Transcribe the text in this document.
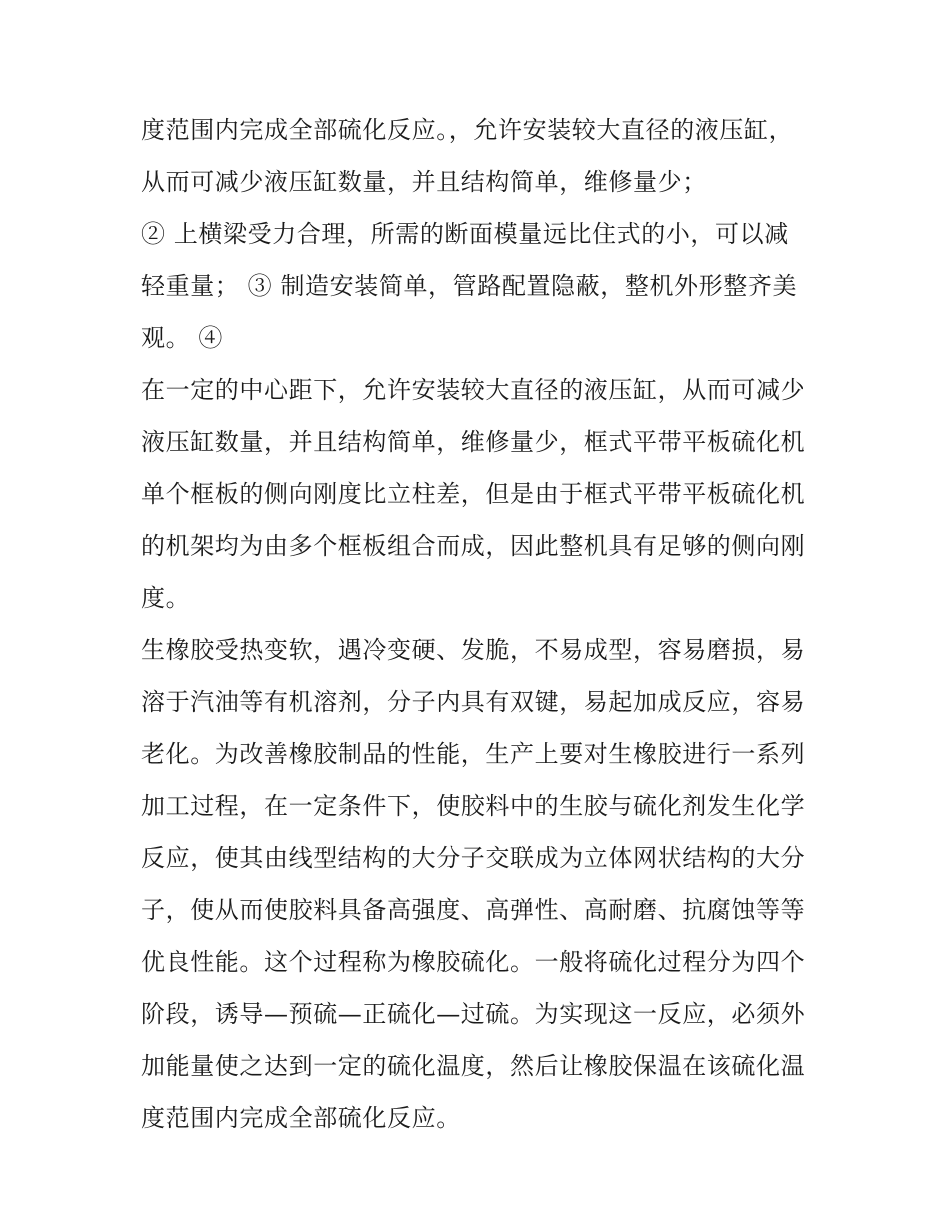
度范围内完成全部硫化反应。，允许安装较大直径的液压缸，
从而可减少液压缸数量，并且结构简单，维修量少；
② 上横梁受力合理，所需的断面模量远比住式的小，可以减
轻重量； ③ 制造安装简单，管路配置隐蔽，整机外形整齐美
观。 ④
在一定的中心距下，允许安装较大直径的液压缸，从而可减少
液压缸数量，并且结构简单，维修量少，框式平带平板硫化机
单个框板的侧向刚度比立柱差，但是由于框式平带平板硫化机
的机架均为由多个框板组合而成，因此整机具有足够的侧向刚
度。
生橡胶受热变软，遇冷变硬、发脆，不易成型，容易磨损，易
溶于汽油等有机溶剂，分子内具有双键，易起加成反应，容易
老化。为改善橡胶制品的性能，生产上要对生橡胶进行一系列
加工过程，在一定条件下，使胶料中的生胶与硫化剂发生化学
反应，使其由线型结构的大分子交联成为立体网状结构的大分
子，使从而使胶料具备高强度、高弹性、高耐磨、抗腐蚀等等
优良性能。这个过程称为橡胶硫化。一般将硫化过程分为四个
阶段，诱导—预硫—正硫化—过硫。为实现这一反应，必须外
加能量使之达到一定的硫化温度，然后让橡胶保温在该硫化温
度范围内完成全部硫化反应。
